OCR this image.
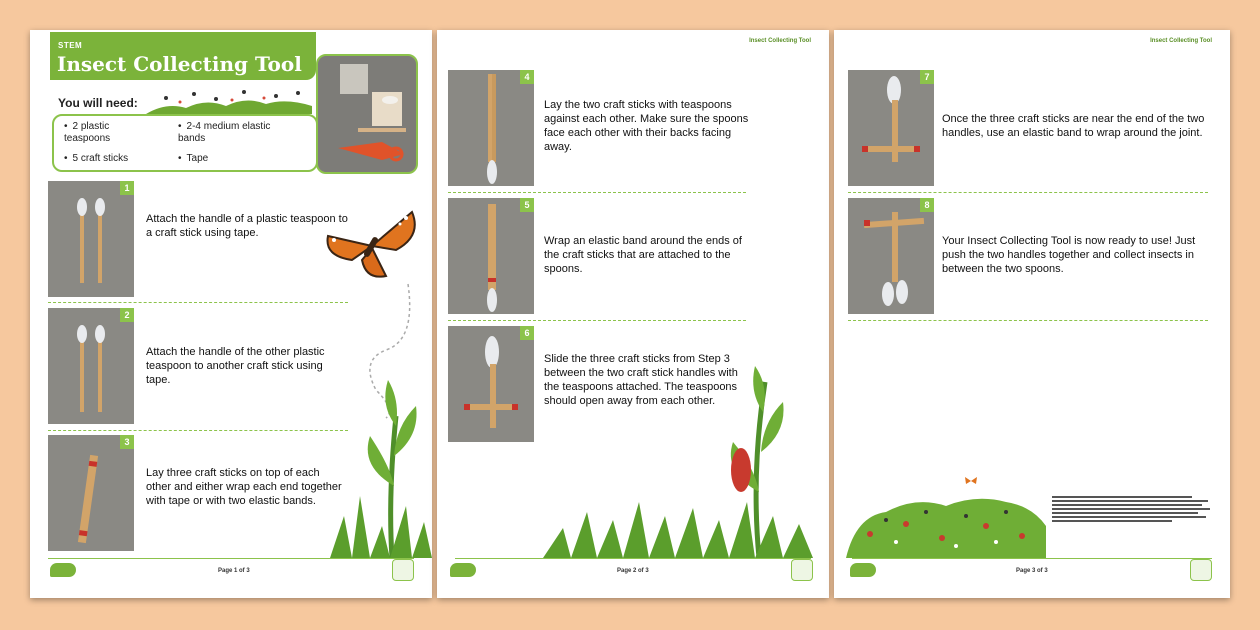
STEM
Insect Collecting Tool
You will need:
• 2 plastic teaspoons
• 2-4 medium elastic bands
• 5 craft sticks
•	Tape
1
Attach the handle of a plastic teaspoon to a craft stick using tape.
2
Attach the handle of the other plastic teaspoon to another craft stick using tape.
3
Lay three craft sticks on top of each other and either wrap each end together with tape or with two elastic bands.
Page 1 of 3
Insect Collecting Tool
4
Lay the two craft sticks with teaspoons against each other. Make sure the spoons face each other with their backs facing away.
5
Wrap an elastic band around the ends of the craft sticks that are attached to the spoons.
6
Slide the three craft sticks from Step 3 between the two craft stick handles with the teaspoons attached. The teaspoons should open away from each other.
Page 2 of 3
Insect Collecting Tool
7
Once the three craft sticks are near the end of the two handles, use an elastic band to wrap around the joint.
8
Your Insect Collecting Tool is now ready to use! Just push the two handles together and collect insects in between the two spoons.
Page 3 of 3
